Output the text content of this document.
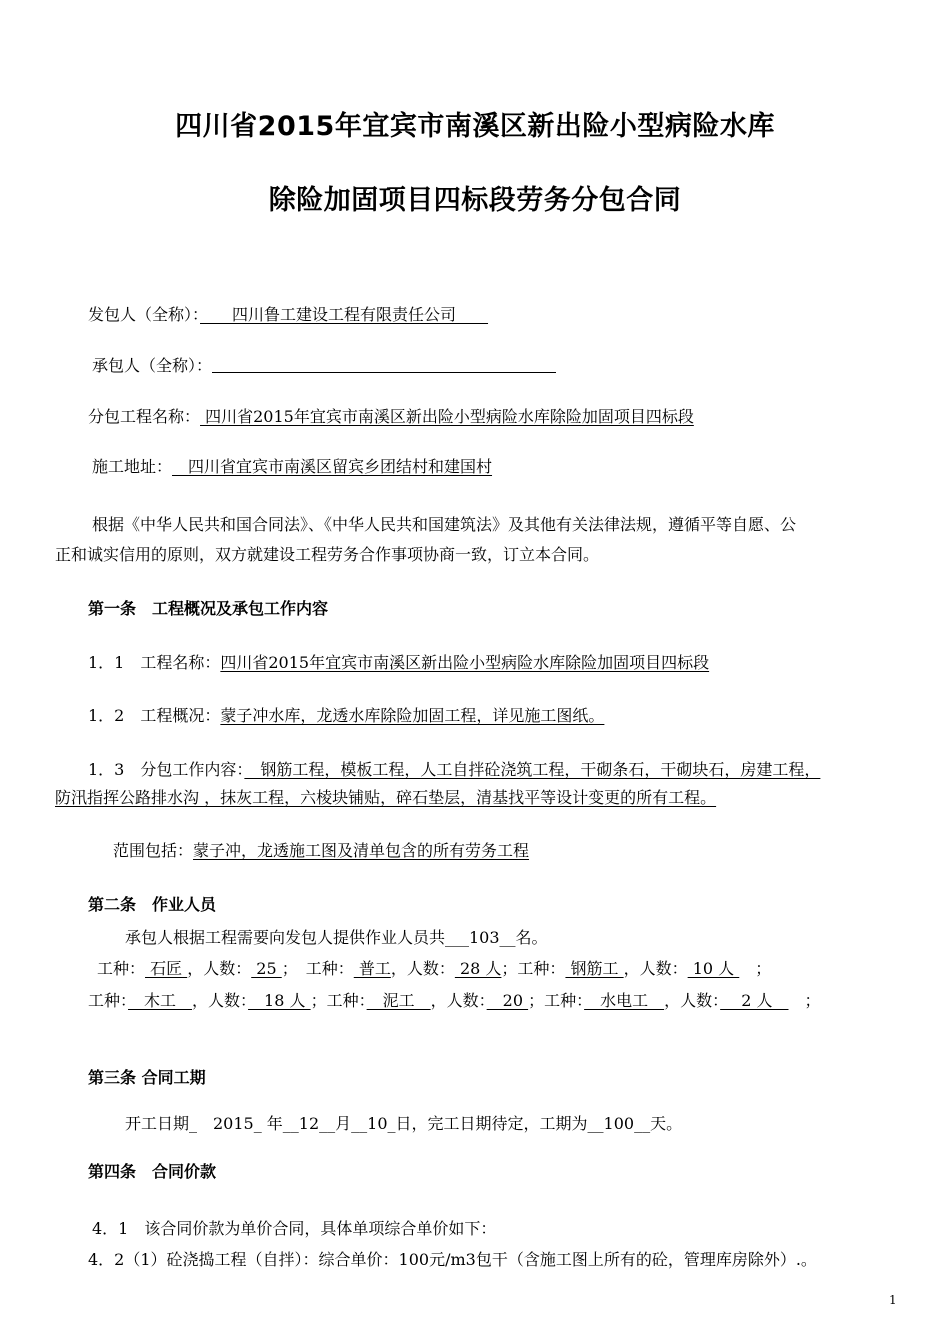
四川省2015年宜宾市南溪区新出险小型病险水库
除险加固项目四标段劳务分包合同
发包人（全称）：　　四川鲁工建设工程有限责任公司　　
承包人（全称）：
分包工程名称： 四川省2015年宜宾市南溪区新出险小型病险水库除险加固项目四标段
施工地址：　四川省宜宾市南溪区留宾乡团结村和建国村
根据《中华人民共和国合同法》、《中华人民共和国建筑法》及其他有关法律法规，遵循平等自愿、公
正和诚实信用的原则，双方就建设工程劳务合作事项协商一致，订立本合同。
第一条　工程概况及承包工作内容
1．1　工程名称：四川省2015年宜宾市南溪区新出险小型病险水库除险加固项目四标段
1．2　工程概况：蒙子冲水库，龙透水库除险加固工程，详见施工图纸。
1．3　分包工作内容：　钢筋工程，模板工程，人工自拌砼浇筑工程，干砌条石，干砌块石，房建工程，
防汛指挥公路排水沟 ，抹灰工程，六棱块铺贴，碎石垫层，清基找平等设计变更的所有工程。
范围包括：蒙子冲，龙透施工图及清单包含的所有劳务工程
第二条　作业人员
承包人根据工程需要向发包人提供作业人员共___103__名。
工种： 石匠 ，人数： 25 ；　工种： 普工，人数： 28 人；工种： 钢筋工 ，人数： 10 人 　；
工种：　木工　，人数：　18 人 ；工种：　泥工　，人数：　20 ；工种：　水电工　，人数：　 2 人　　；
第三条 合同工期
开工日期_　2015_ 年__12__月__10_日，完工日期待定，工期为__100__天。
第四条　合同价款
4．1　该合同价款为单价合同，具体单项综合单价如下：
4．2（1）砼浇捣工程（自拌）：综合单价：100元/m3包干（含施工图上所有的砼，管理库房除外）.。
1
